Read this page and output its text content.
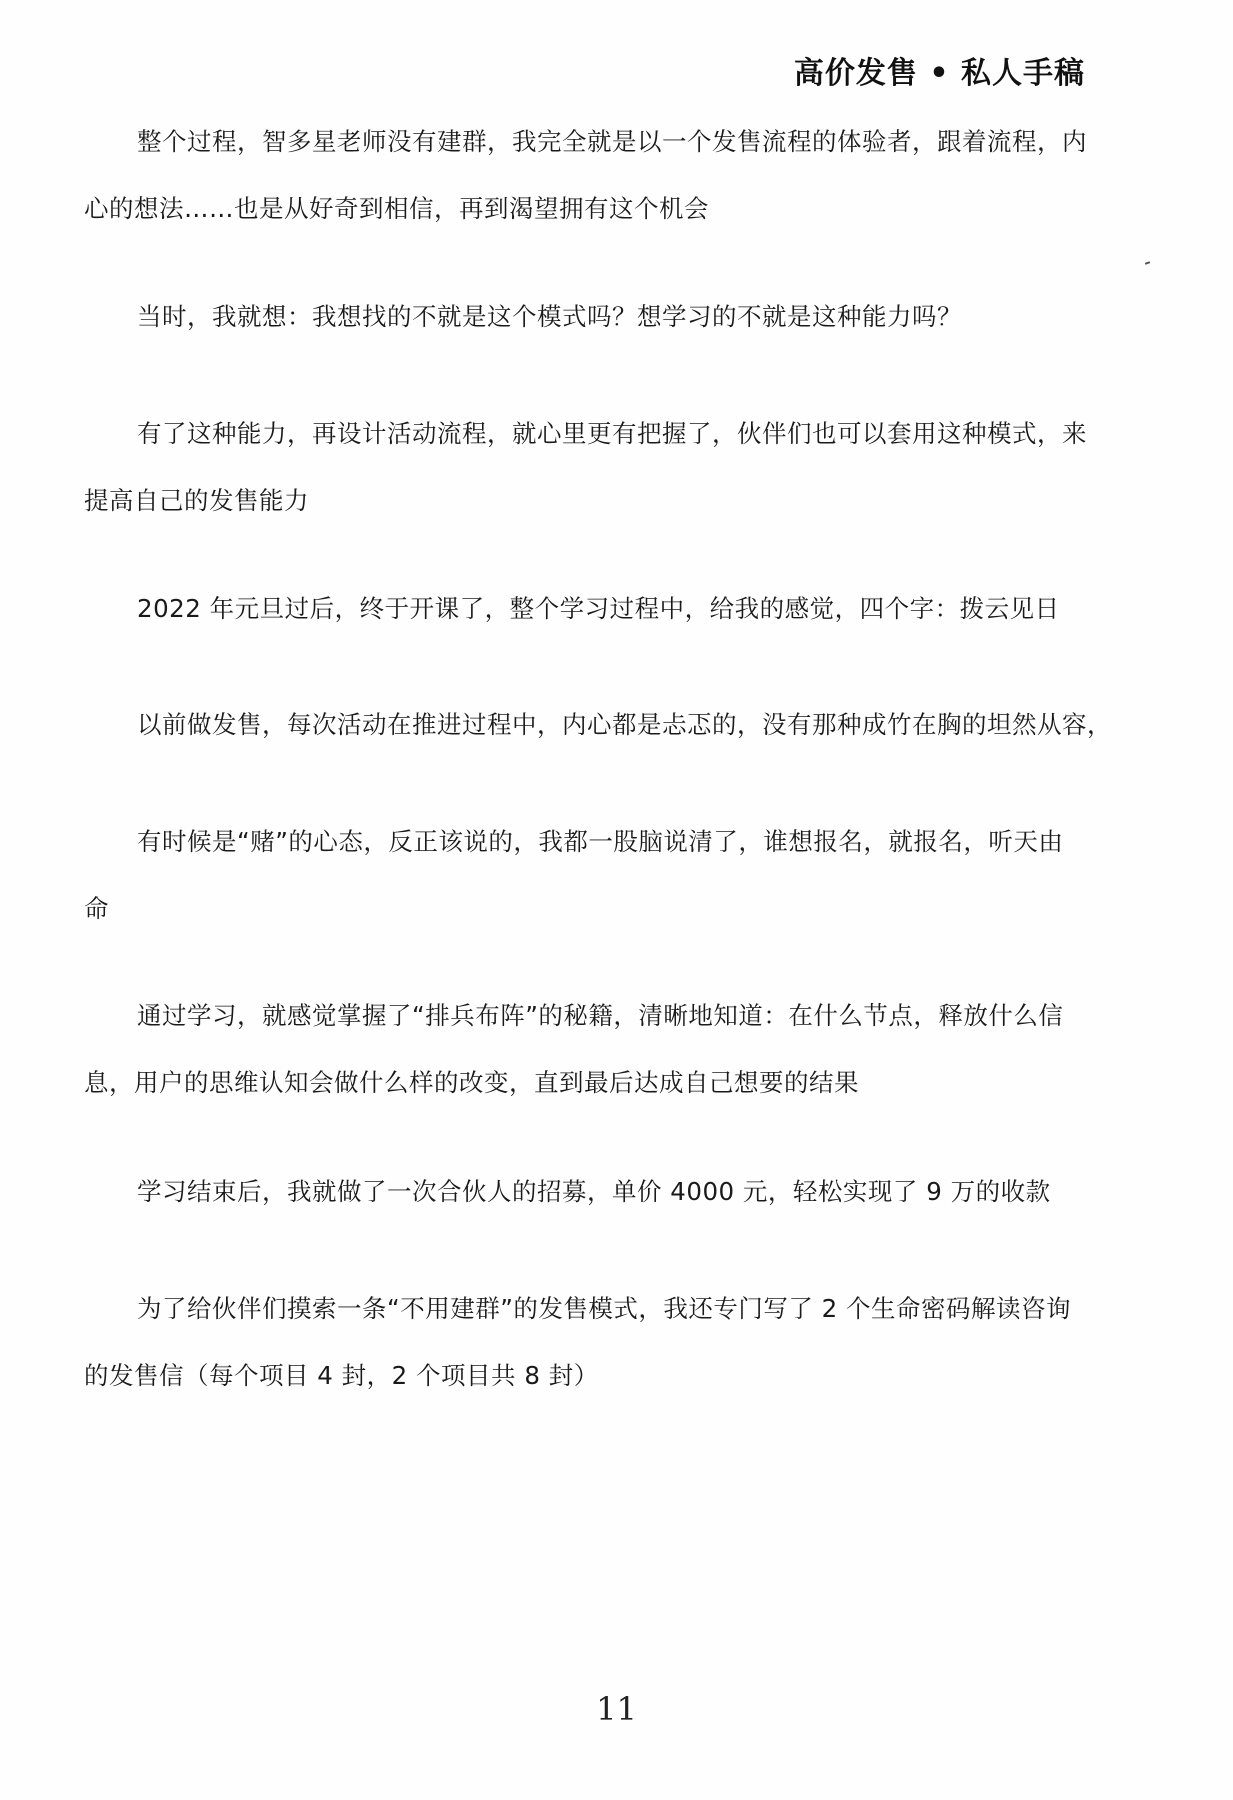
高价发售 • 私人手稿

整个过程，智多星老师没有建群，我完全就是以一个发售流程的体验者，跟着流程，内
心的想法……也是从好奇到相信，再到渴望拥有这个机会

当时，我就想：我想找的不就是这个模式吗？想学习的不就是这种能力吗？

有了这种能力，再设计活动流程，就心里更有把握了，伙伴们也可以套用这种模式，来
提高自己的发售能力

2022 年元旦过后，终于开课了，整个学习过程中，给我的感觉，四个字：拨云见日

以前做发售，每次活动在推进过程中，内心都是忐忑的，没有那种成竹在胸的坦然从容，

有时候是“赌”的心态，反正该说的，我都一股脑说清了，谁想报名，就报名，听天由
命

通过学习，就感觉掌握了“排兵布阵”的秘籍，清晰地知道：在什么节点，释放什么信
息，用户的思维认知会做什么样的改变，直到最后达成自己想要的结果

学习结束后，我就做了一次合伙人的招募，单价 4000 元，轻松实现了 9 万的收款

为了给伙伴们摸索一条“不用建群”的发售模式，我还专门写了 2 个生命密码解读咨询
的发售信（每个项目 4 封，2 个项目共 8 封）

11
